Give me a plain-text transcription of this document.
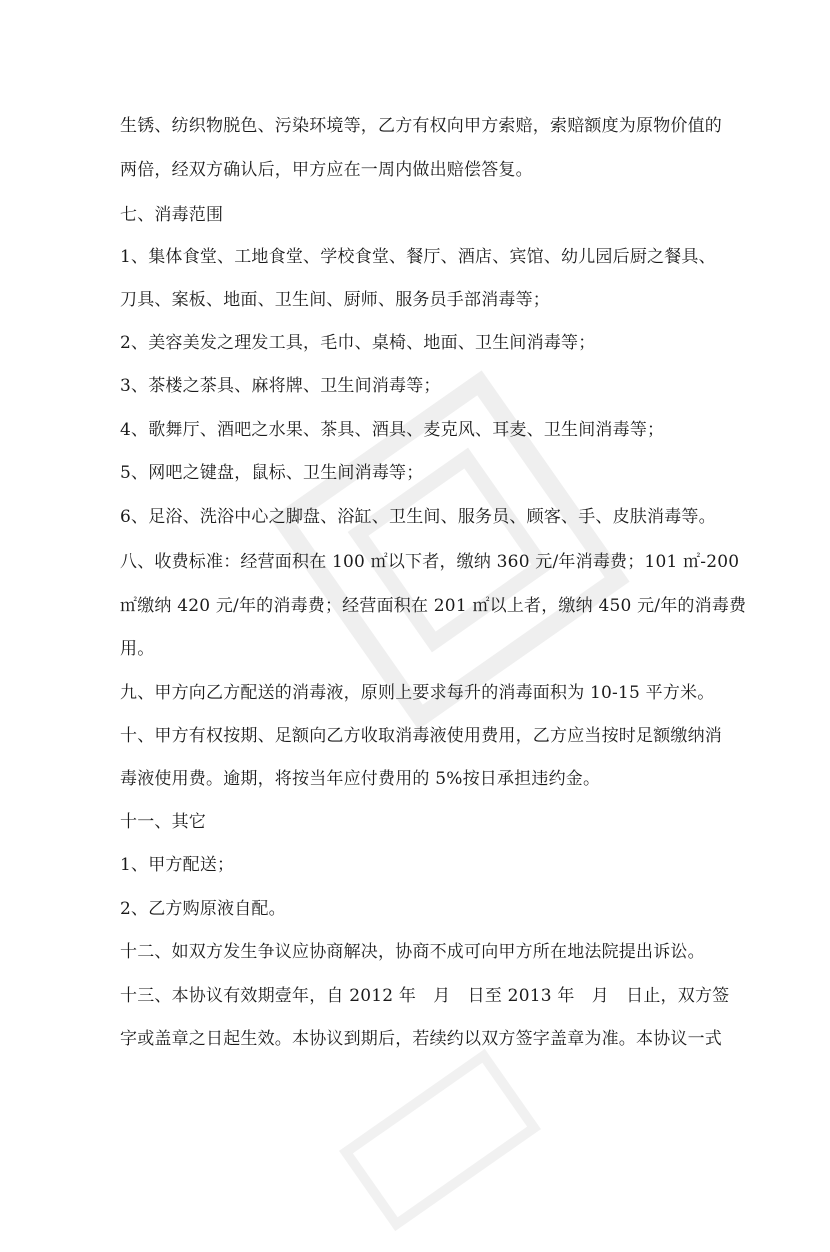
生锈、纺织物脱色、污染环境等，乙方有权向甲方索赔，索赔额度为原物价值的
两倍，经双方确认后，甲方应在一周内做出赔偿答复。
七、消毒范围
1、集体食堂、工地食堂、学校食堂、餐厅、酒店、宾馆、幼儿园后厨之餐具、
刀具、案板、地面、卫生间、厨师、服务员手部消毒等；
2、美容美发之理发工具，毛巾、桌椅、地面、卫生间消毒等；
3、茶楼之茶具、麻将牌、卫生间消毒等；
4、歌舞厅、酒吧之水果、茶具、酒具、麦克风、耳麦、卫生间消毒等；
5、网吧之键盘，鼠标、卫生间消毒等；
6、足浴、洗浴中心之脚盘、浴缸、卫生间、服务员、顾客、手、皮肤消毒等。
八、收费标准：经营面积在 100 ㎡以下者，缴纳 360 元/年消毒费；101 ㎡-200
㎡缴纳 420 元/年的消毒费；经营面积在 201 ㎡以上者，缴纳 450 元/年的消毒费
用。
九、甲方向乙方配送的消毒液，原则上要求每升的消毒面积为 10-15 平方米。
十、甲方有权按期、足额向乙方收取消毒液使用费用，乙方应当按时足额缴纳消
毒液使用费。逾期，将按当年应付费用的 5%按日承担违约金。
十一、其它
1、甲方配送；
2、乙方购原液自配。
十二、如双方发生争议应协商解决，协商不成可向甲方所在地法院提出诉讼。
十三、本协议有效期壹年，自 2012 年　月　日至 2013 年　月　日止，双方签
字或盖章之日起生效。本协议到期后，若续约以双方签字盖章为准。本协议一式
